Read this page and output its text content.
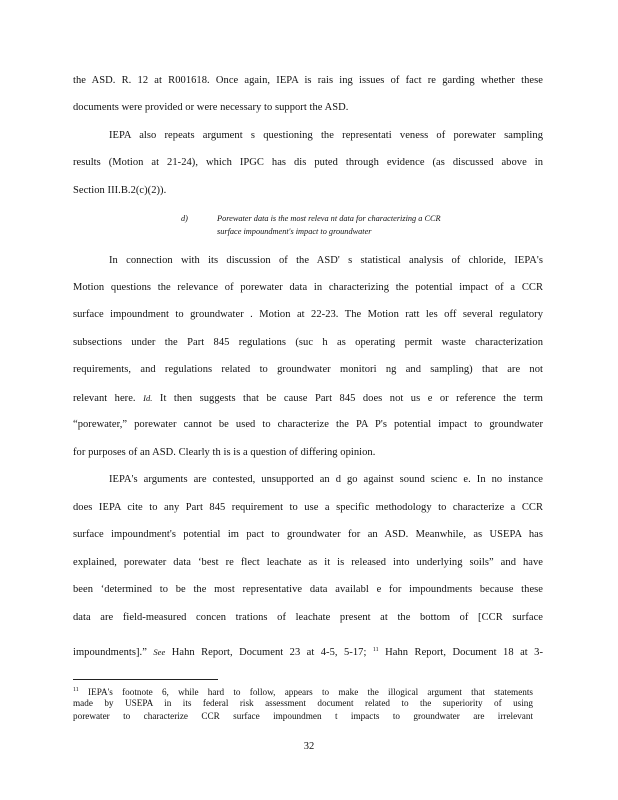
the ASD. R. 12 at R001618. Once again, IEPA is rais ing issues of fact re garding whether these
documents were provided or were necessary to support the ASD.
IEPA also repeats argument s questioning the representati veness of porewater sampling
results (Motion at 21-24), which IPGC has dis puted through evidence (as discussed above in
Section III.B.2(c)(2)).
d)	Porewater data is the most releva nt data for characterizing a CCR
surface impoundment's impact to groundwater
In connection with its discussion of the ASD' s statistical analysis of chloride, IEPA's
Motion questions the relevance of porewater data in characterizing the potential impact of a CCR
surface impoundment to groundwater . Motion at 22-23. The Motion ratt les off several regulatory
subsections under the Part 845 regulations (suc h as operating permit waste characterization
requirements, and regulations related to groundwater monitori ng and sampling) that are not
relevant here. Id. It then suggests that be cause Part 845 does not us e or reference the term
“porewater,” porewater cannot be used to characterize the PA P's potential impact to groundwater
for purposes of an ASD. Clearly th is is a question of differing opinion.
IEPA's arguments are contested, unsupported an d go against sound scienc e. In no instance
does IEPA cite to any Part 845 requirement to use a specific methodology to characterize a CCR
surface impoundment's potential im pact to groundwater for an ASD. Meanwhile, as USEPA has
explained, porewater data ‘best re flect leachate as it is released into underlying soils” and have
been ‘determined to be the most representative data availabl e for impoundments because these
data are field-measured concen trations of leachate present at the bottom of [CCR surface
impoundments].” See Hahn Report, Document 23 at 4-5, 5-17; $^{11}$ Hahn Report, Document 18 at 3-
$^{11}$ IEPA's footnote 6, while hard to follow, appears to make the illogical argument that statements
made by USEPA in its federal risk assessment document related to the superiority of using
porewater to characterize CCR surface impoundmen t impacts to groundwater are irrelevant
32
